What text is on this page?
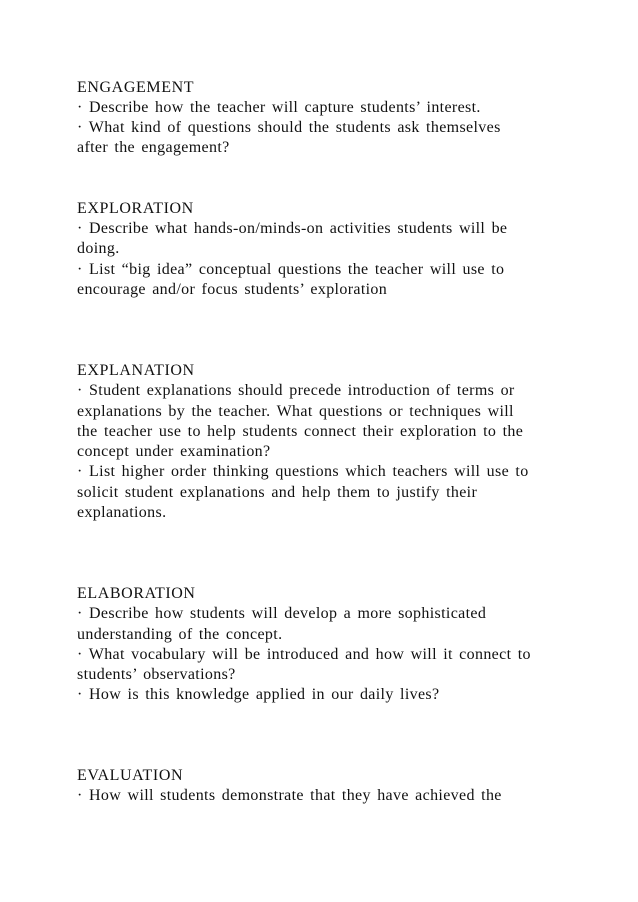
ENGAGEMENT

· Describe how the teacher will capture students’ interest.

· What kind of questions should the students ask themselves

after the engagement?

EXPLORATION

· Describe what hands-on/minds-on activities students will be

doing.

· List “big idea” conceptual questions the teacher will use to

encourage and/or focus students’ exploration

EXPLANATION

· Student explanations should precede introduction of terms or

explanations by the teacher. What questions or techniques will

the teacher use to help students connect their exploration to the

concept under examination?

· List higher order thinking questions which teachers will use to

solicit student explanations and help them to justify their

explanations.

ELABORATION

· Describe how students will develop a more sophisticated

understanding of the concept.

· What vocabulary will be introduced and how will it connect to

students’ observations?

· How is this knowledge applied in our daily lives?

EVALUATION

· How will students demonstrate that they have achieved the
